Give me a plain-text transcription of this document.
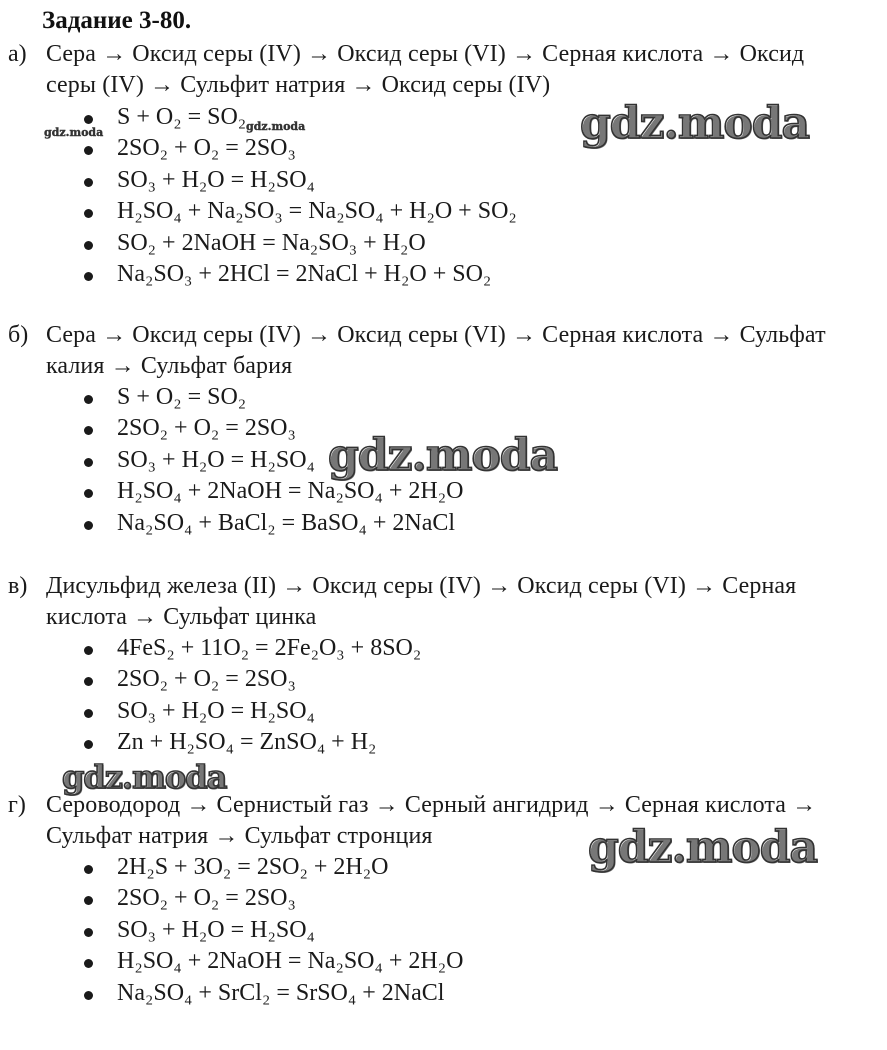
Задание 3-80.
а) Сера → Оксид серы (IV) → Оксид серы (VI) → Серная кислота → Оксид
серы (IV) → Сульфит натрия → Оксид серы (IV)
S + O₂ = SO₂
2SO₂ + O₂ = 2SO₃
SO₃ + H₂O = H₂SO₄
H₂SO₄ + Na₂SO₃ = Na₂SO₄ + H₂O + SO₂
SO₂ + 2NaOH = Na₂SO₃ + H₂O
Na₂SO₃ + 2HCl = 2NaCl + H₂O + SO₂
б) Сера → Оксид серы (IV) → Оксид серы (VI) → Серная кислота → Сульфат
калия → Сульфат бария
S + O₂ = SO₂
2SO₂ + O₂ = 2SO₃
SO₃ + H₂O = H₂SO₄
H₂SO₄ + 2NaOH = Na₂SO₄ + 2H₂O
Na₂SO₄ + BaCl₂ = BaSO₄ + 2NaCl
в) Дисульфид железа (II) → Оксид серы (IV) → Оксид серы (VI) → Серная
кислота → Сульфат цинка
4FeS₂ + 11O₂ = 2Fe₂O₃ + 8SO₂
2SO₂ + O₂ = 2SO₃
SO₃ + H₂O = H₂SO₄
Zn + H₂SO₄ = ZnSO₄ + H₂
г) Сероводород → Сернистый газ → Серный ангидрид → Серная кислота →
Сульфат натрия → Сульфат стронция
2H₂S + 3O₂ = 2SO₂ + 2H₂O
2SO₂ + O₂ = 2SO₃
SO₃ + H₂O = H₂SO₄
H₂SO₄ + 2NaOH = Na₂SO₄ + 2H₂O
Na₂SO₄ + SrCl₂ = SrSO₄ + 2NaCl
gdz.moda	gdz.moda	gdz.moda
gdz.moda
gdz.moda
gdz.moda
